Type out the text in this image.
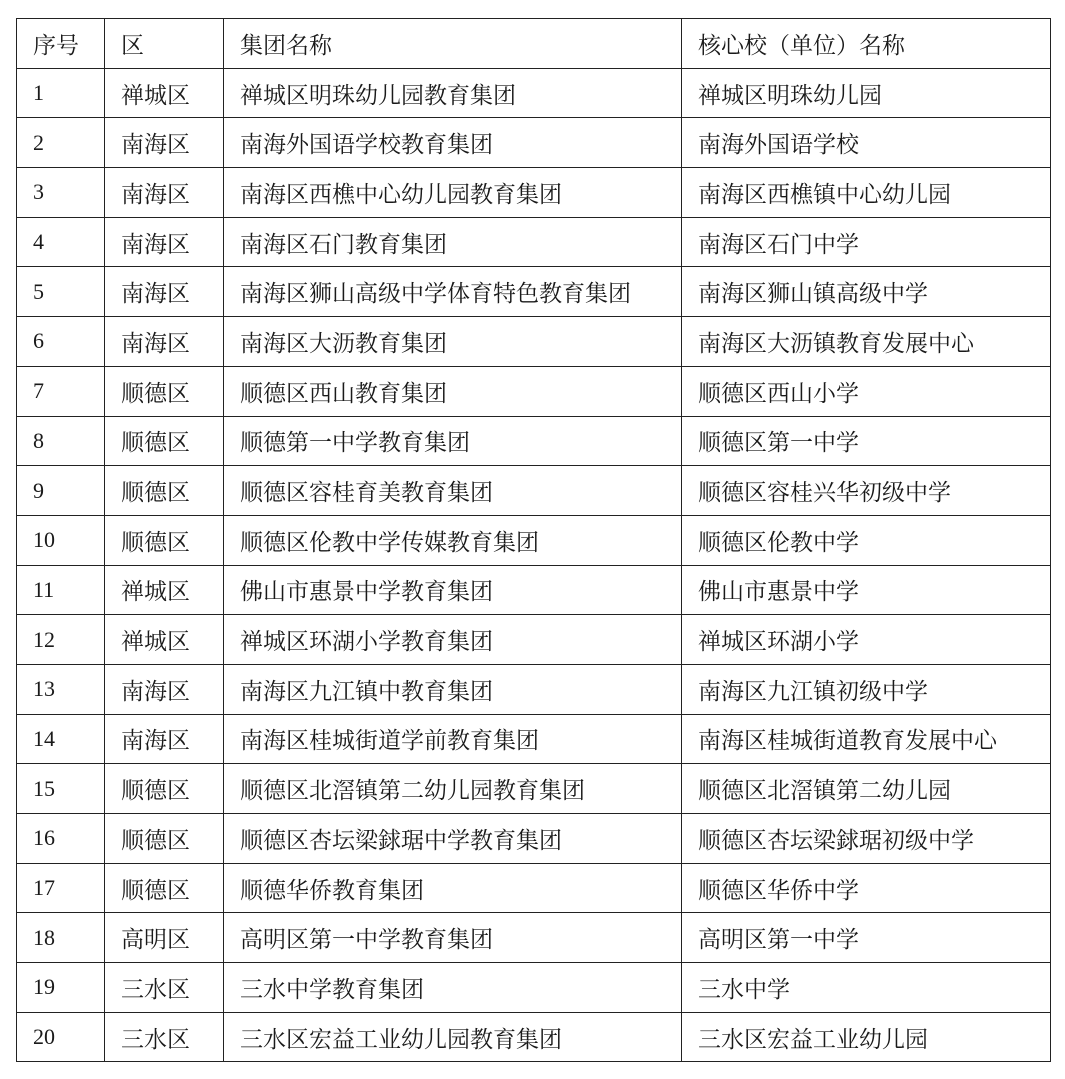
序号	区	集团名称	核心校（单位）名称
1	禅城区	禅城区明珠幼儿园教育集团	禅城区明珠幼儿园
2	南海区	南海外国语学校教育集团	南海外国语学校
3	南海区	南海区西樵中心幼儿园教育集团	南海区西樵镇中心幼儿园
4	南海区	南海区石门教育集团	南海区石门中学
5	南海区	南海区狮山高级中学体育特色教育集团	南海区狮山镇高级中学
6	南海区	南海区大沥教育集团	南海区大沥镇教育发展中心
7	顺德区	顺德区西山教育集团	顺德区西山小学
8	顺德区	顺德第一中学教育集团	顺德区第一中学
9	顺德区	顺德区容桂育美教育集团	顺德区容桂兴华初级中学
10	顺德区	顺德区伦教中学传媒教育集团	顺德区伦教中学
11	禅城区	佛山市惠景中学教育集团	佛山市惠景中学
12	禅城区	禅城区环湖小学教育集团	禅城区环湖小学
13	南海区	南海区九江镇中教育集团	南海区九江镇初级中学
14	南海区	南海区桂城街道学前教育集团	南海区桂城街道教育发展中心
15	顺德区	顺德区北滘镇第二幼儿园教育集团	顺德区北滘镇第二幼儿园
16	顺德区	顺德区杏坛梁銶琚中学教育集团	顺德区杏坛梁銶琚初级中学
17	顺德区	顺德华侨教育集团	顺德区华侨中学
18	高明区	高明区第一中学教育集团	高明区第一中学
19	三水区	三水中学教育集团	三水中学
20	三水区	三水区宏益工业幼儿园教育集团	三水区宏益工业幼儿园
